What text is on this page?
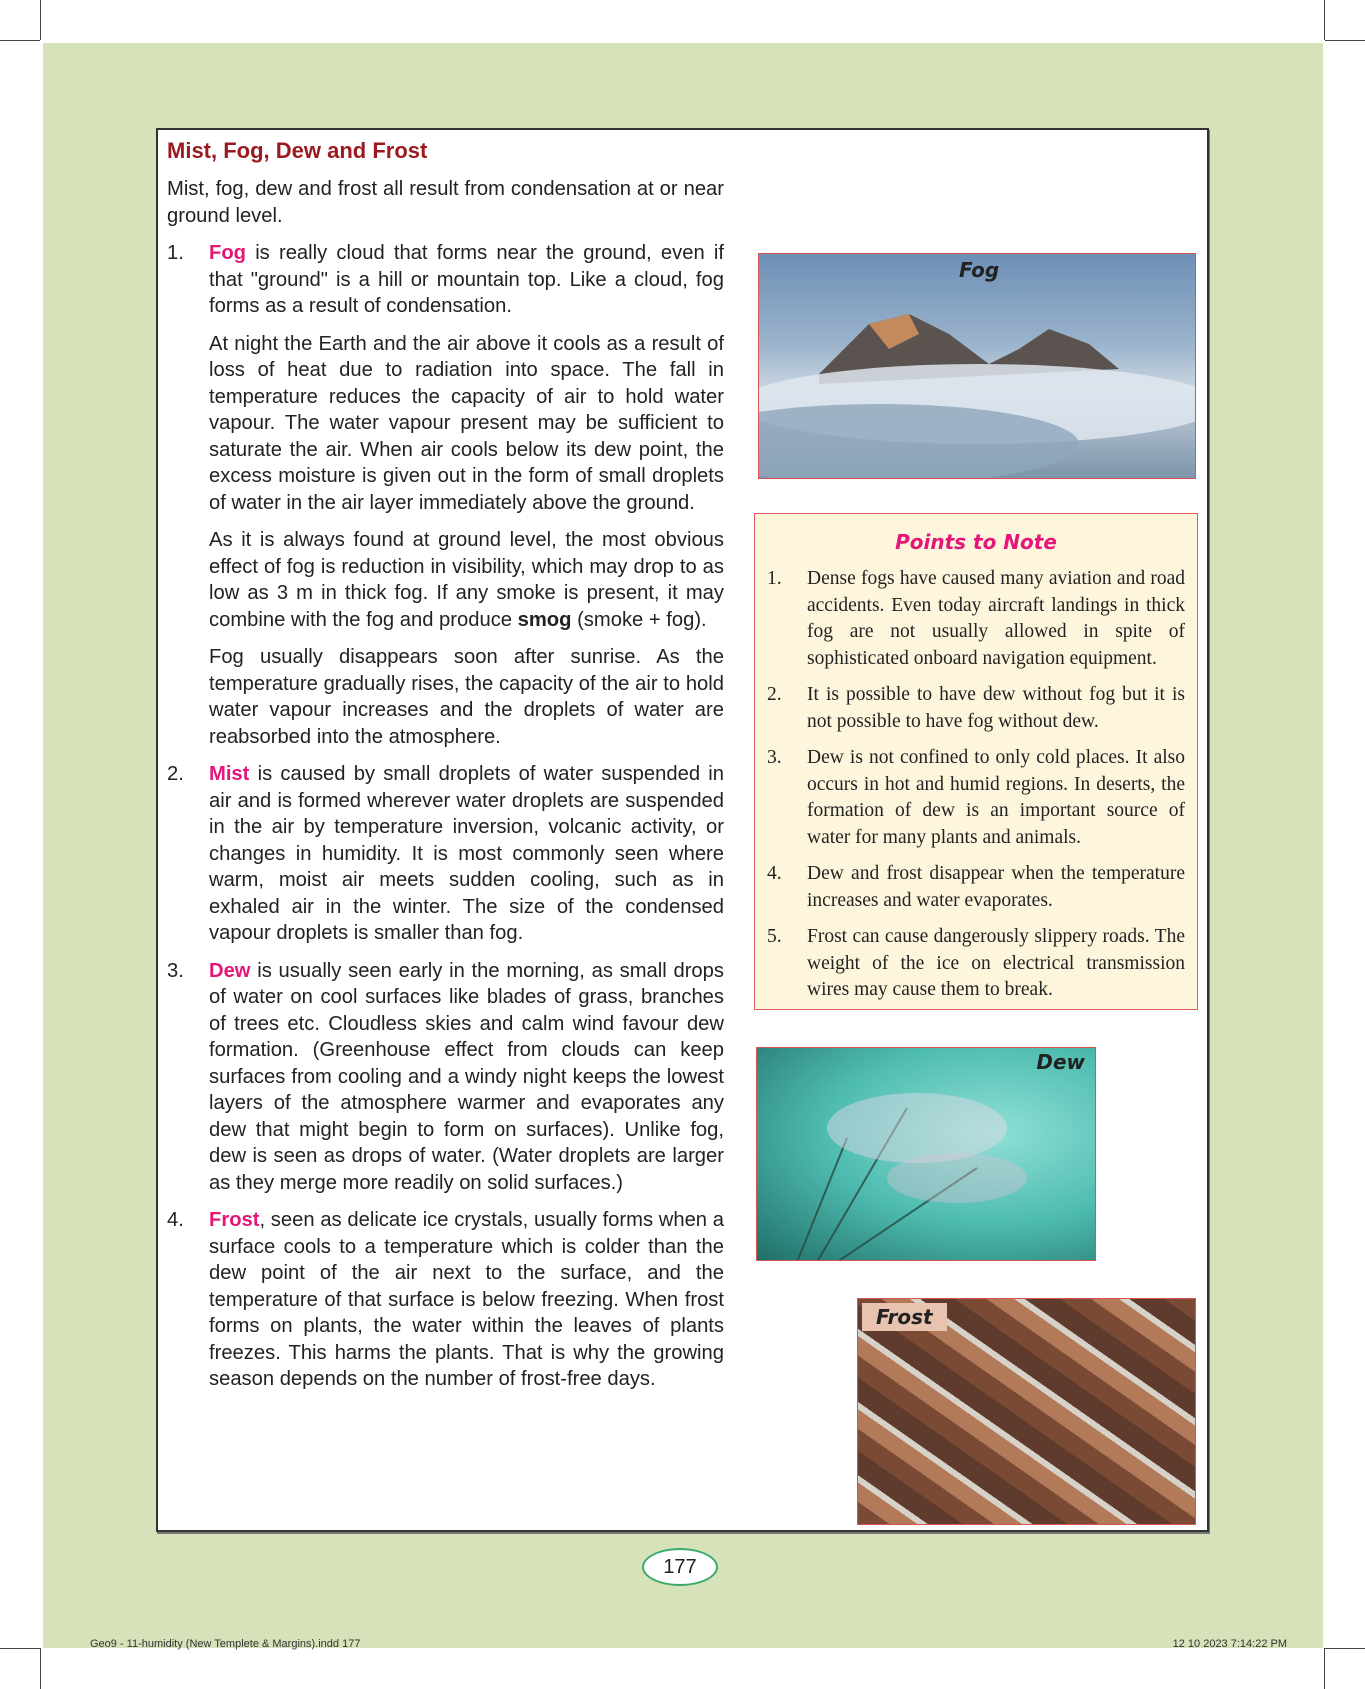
Mist, Fog, Dew and Frost

Mist, fog, dew and frost all result from condensation at or near ground level.

1. Fog is really cloud that forms near the ground, even if that "ground" is a hill or mountain top. Like a cloud, fog forms as a result of condensation.

At night the Earth and the air above it cools as a result of loss of heat due to radiation into space. The fall in temperature reduces the capacity of air to hold water vapour. The water vapour present may be sufficient to saturate the air. When air cools below its dew point, the excess moisture is given out in the form of small droplets of water in the air layer immediately above the ground.

As it is always found at ground level, the most obvious effect of fog is reduction in visibility, which may drop to as low as 3 m in thick fog. If any smoke is present, it may combine with the fog and produce smog (smoke + fog).

Fog usually disappears soon after sunrise. As the temperature gradually rises, the capacity of the air to hold water vapour increases and the droplets of water are reabsorbed into the atmosphere.

2. Mist is caused by small droplets of water suspended in air and is formed wherever water droplets are suspended in the air by temperature inversion, volcanic activity, or changes in humidity. It is most commonly seen where warm, moist air meets sudden cooling, such as in exhaled air in the winter. The size of the condensed vapour droplets is smaller than fog.

3. Dew is usually seen early in the morning, as small drops of water on cool surfaces like blades of grass, branches of trees etc. Cloudless skies and calm wind favour dew formation. (Greenhouse effect from clouds can keep surfaces from cooling and a windy night keeps the lowest layers of the atmosphere warmer and evaporates any dew that might begin to form on surfaces). Unlike fog, dew is seen as drops of water. (Water droplets are larger as they merge more readily on solid surfaces.)

4. Frost, seen as delicate ice crystals, usually forms when a surface cools to a temperature which is colder than the dew point of the air next to the surface, and the temperature of that surface is below freezing. When frost forms on plants, the water within the leaves of plants freezes. This harms the plants. That is why the growing season depends on the number of frost-free days.

Fog
Points to Note
1. Dense fogs have caused many aviation and road accidents. Even today aircraft landings in thick fog are not usually allowed in spite of sophisticated onboard navigation equipment.
2. It is possible to have dew without fog but it is not possible to have fog without dew.
3. Dew is not confined to only cold places. It also occurs in hot and humid regions. In deserts, the formation of dew is an important source of water for many plants and animals.
4. Dew and frost disappear when the temperature increases and water evaporates.
5. Frost can cause dangerously slippery roads. The weight of the ice on electrical transmission wires may cause them to break.
Dew
Frost
177
Geo9 - 11-humidity (New Templete & Margins).indd 177	12 10 2023 7:14:22 PM
